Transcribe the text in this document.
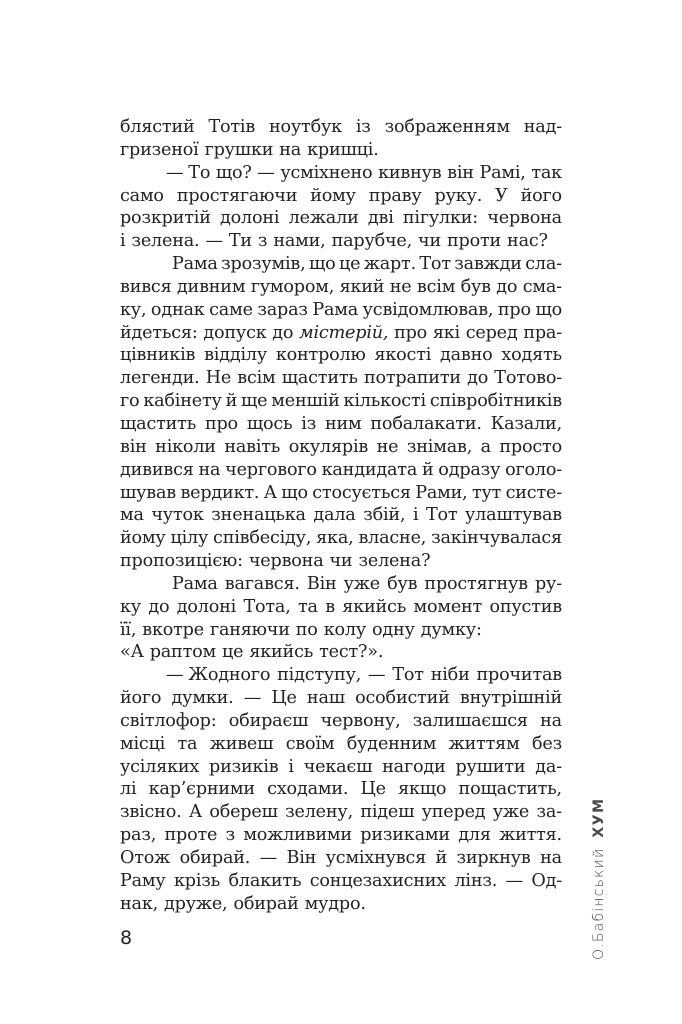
блястий Тотів ноутбук із зображенням над-
гризеної грушки на кришці.
— То що? — усміхнено кивнув він Рамі, так
само простягаючи йому праву руку. У його
розкритій долоні лежали дві пігулки: червона
і зелена. — Ти з нами, парубче, чи проти нас?
Рама зрозумів, що це жарт. Тот завжди сла-
вився дивним гумором, який не всім був до сма-
ку, однак саме зараз Рама усвідомлював, про що
йдеться: допуск до містерій, про які серед пра-
цівників відділу контролю якості давно ходять
легенди. Не всім щастить потрапити до Тотово-
го кабінету й ще меншій кількості співробітників
щастить про щось із ним побалакати. Казали,
він ніколи навіть окулярів не знімав, а просто
дивився на чергового кандидата й одразу оголо-
шував вердикт. А що стосується Рами, тут систе-
ма чуток зненацька дала збій, і Тот улаштував
йому цілу співбесіду, яка, власне, закінчувалася
пропозицією: червона чи зелена?
Рама вагався. Він уже був простягнув ру-
ку до долоні Тота, та в якийсь момент опустив
її, вкотре ганяючи по колу одну думку:
«А раптом це якийсь тест?».
— Жодного підступу, — Тот ніби прочитав
його думки. — Це наш особистий внутрішній
світлофор: обираєш червону, залишаєшся на
місці та живеш своїм буденним життям без
усіляких ризиків і чекаєш нагоди рушити да-
лі кар’єрними сходами. Це якщо пощастить,
звісно. А обереш зелену, підеш уперед уже за-
раз, проте з можливими ризиками для життя.
Отож обирай. — Він усміхнувся й зиркнув на
Раму крізь блакить сонцезахисних лінз. — Од-
нак, друже, обирай мудро.
8	О.БабінськийХУМ
